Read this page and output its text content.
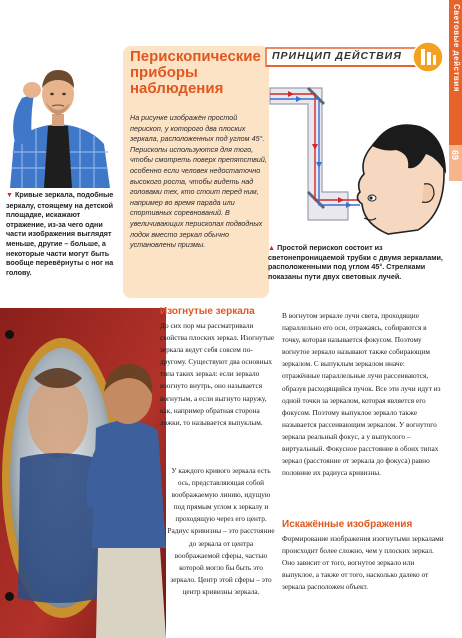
▼ Кривые зеркала, подобные зеркалу, стоящему на детской площадке, искажают отражение, из-за чего одни части изображения выглядят меньше, другие – больше, а некоторые части могут быть вообще перевёрнуты с ног на голову.
Перископические приборы наблюдения
На рисунке изображён простой перископ, у которого два плоских зеркала, расположенных под углом 45°. Перископы используются для того, чтобы смотреть поверх препятствий, особенно если человек недостаточно высокого роста, чтобы видеть над головами тех, кто стоит перед ним, например во время парада или спортивных соревнований. В увеличивающих перископах подводных лодок вместо зеркал обычно установлены призмы.
ПРИНЦИП ДЕЙСТВИЯ
▲ Простой перископ состоит из светонепроницаемой трубки с двумя зеркалами, расположенными под углом 45°. Стрелками показаны пути двух световых лучей.
Световые действия
69
Изогнутые зеркала
До сих пор мы рассматривали свойства плоских зеркал. Изогнутые зеркала ведут себя совсем по-другому. Существуют два основных типа таких зеркал: если зеркало изогнуто внутрь, оно называется вогнутым, а если выгнуто наружу, как, например обратная сторона ложки, то называется выпуклым.
У каждого кривого зеркала есть ось, представляющая собой воображаемую линию, идущую под прямым углом к зеркалу и проходящую через его центр. Радиус кривизны – это расстояние до зеркала от центра воображаемой сферы, частью которой могло бы быть это зеркало. Центр этой сферы – это центр кривизны зеркала.
В вогнутом зеркале лучи света, проходящие параллельно его оси, отражаясь, собираются в точку, которая называется фокусом. Поэтому вогнутое зеркало называют также собирающим зеркалом. С выпуклым зеркалом иначе: отражённые параллельные лучи рассеиваются, образуя расходящийся пучок. Все эти лучи идут из одной точки за зеркалом, которая является его фокусом. Поэтому выпуклое зеркало также называется рассеивающим зеркалом. У вогнутого зеркала реальный фокус, а у выпуклого – виртуальный. Фокусное расстояние в обоих типах зеркал (расстояние от зеркала до фокуса) равно половине их радиуса кривизны.
Искажённые изображения
Формирование изображения изогнутыми зеркалами происходит более сложно, чем у плоских зеркал. Оно зависит от того, вогнутое зеркало или выпуклое, а также от того, насколько далеко от зеркала расположен объект.
